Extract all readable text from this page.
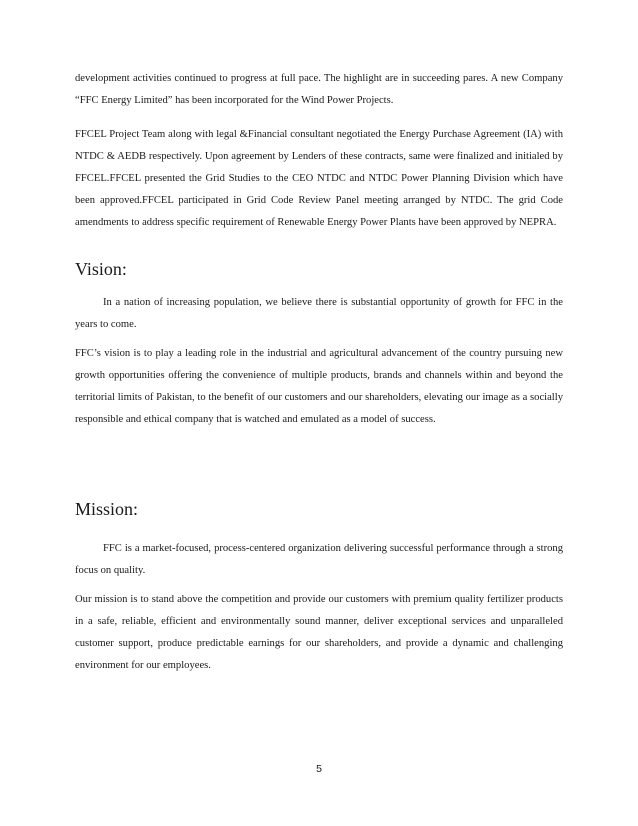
development activities continued to progress at full pace. The highlight are in succeeding pares. A new Company “FFC Energy Limited” has been incorporated for the Wind Power Projects.

FFCEL Project Team along with legal &Financial consultant negotiated the Energy Purchase Agreement (IA) with NTDC & AEDB respectively. Upon agreement by Lenders of these contracts, same were finalized and initialed by FFCEL.FFCEL presented the Grid Studies to the CEO NTDC and NTDC Power Planning Division which have been approved.FFCEL participated in Grid Code Review Panel meeting arranged by NTDC. The grid Code amendments to address specific requirement of Renewable Energy Power Plants have been approved by NEPRA.

Vision:

In a nation of increasing population, we believe there is substantial opportunity of growth for FFC in the years to come.

FFC’s vision is to play a leading role in the industrial and agricultural advancement of the country pursuing new growth opportunities offering the convenience of multiple products, brands and channels within and beyond the territorial limits of Pakistan, to the benefit of our customers and our shareholders, elevating our image as a socially responsible and ethical company that is watched and emulated as a model of success.

Mission:

FFC is a market-focused, process-centered organization delivering successful performance through a strong focus on quality.

Our mission is to stand above the competition and provide our customers with premium quality fertilizer products in a safe, reliable, efficient and environmentally sound manner, deliver exceptional services and unparalleled customer support, produce predictable earnings for our shareholders, and provide a dynamic and challenging environment for our employees.

5
